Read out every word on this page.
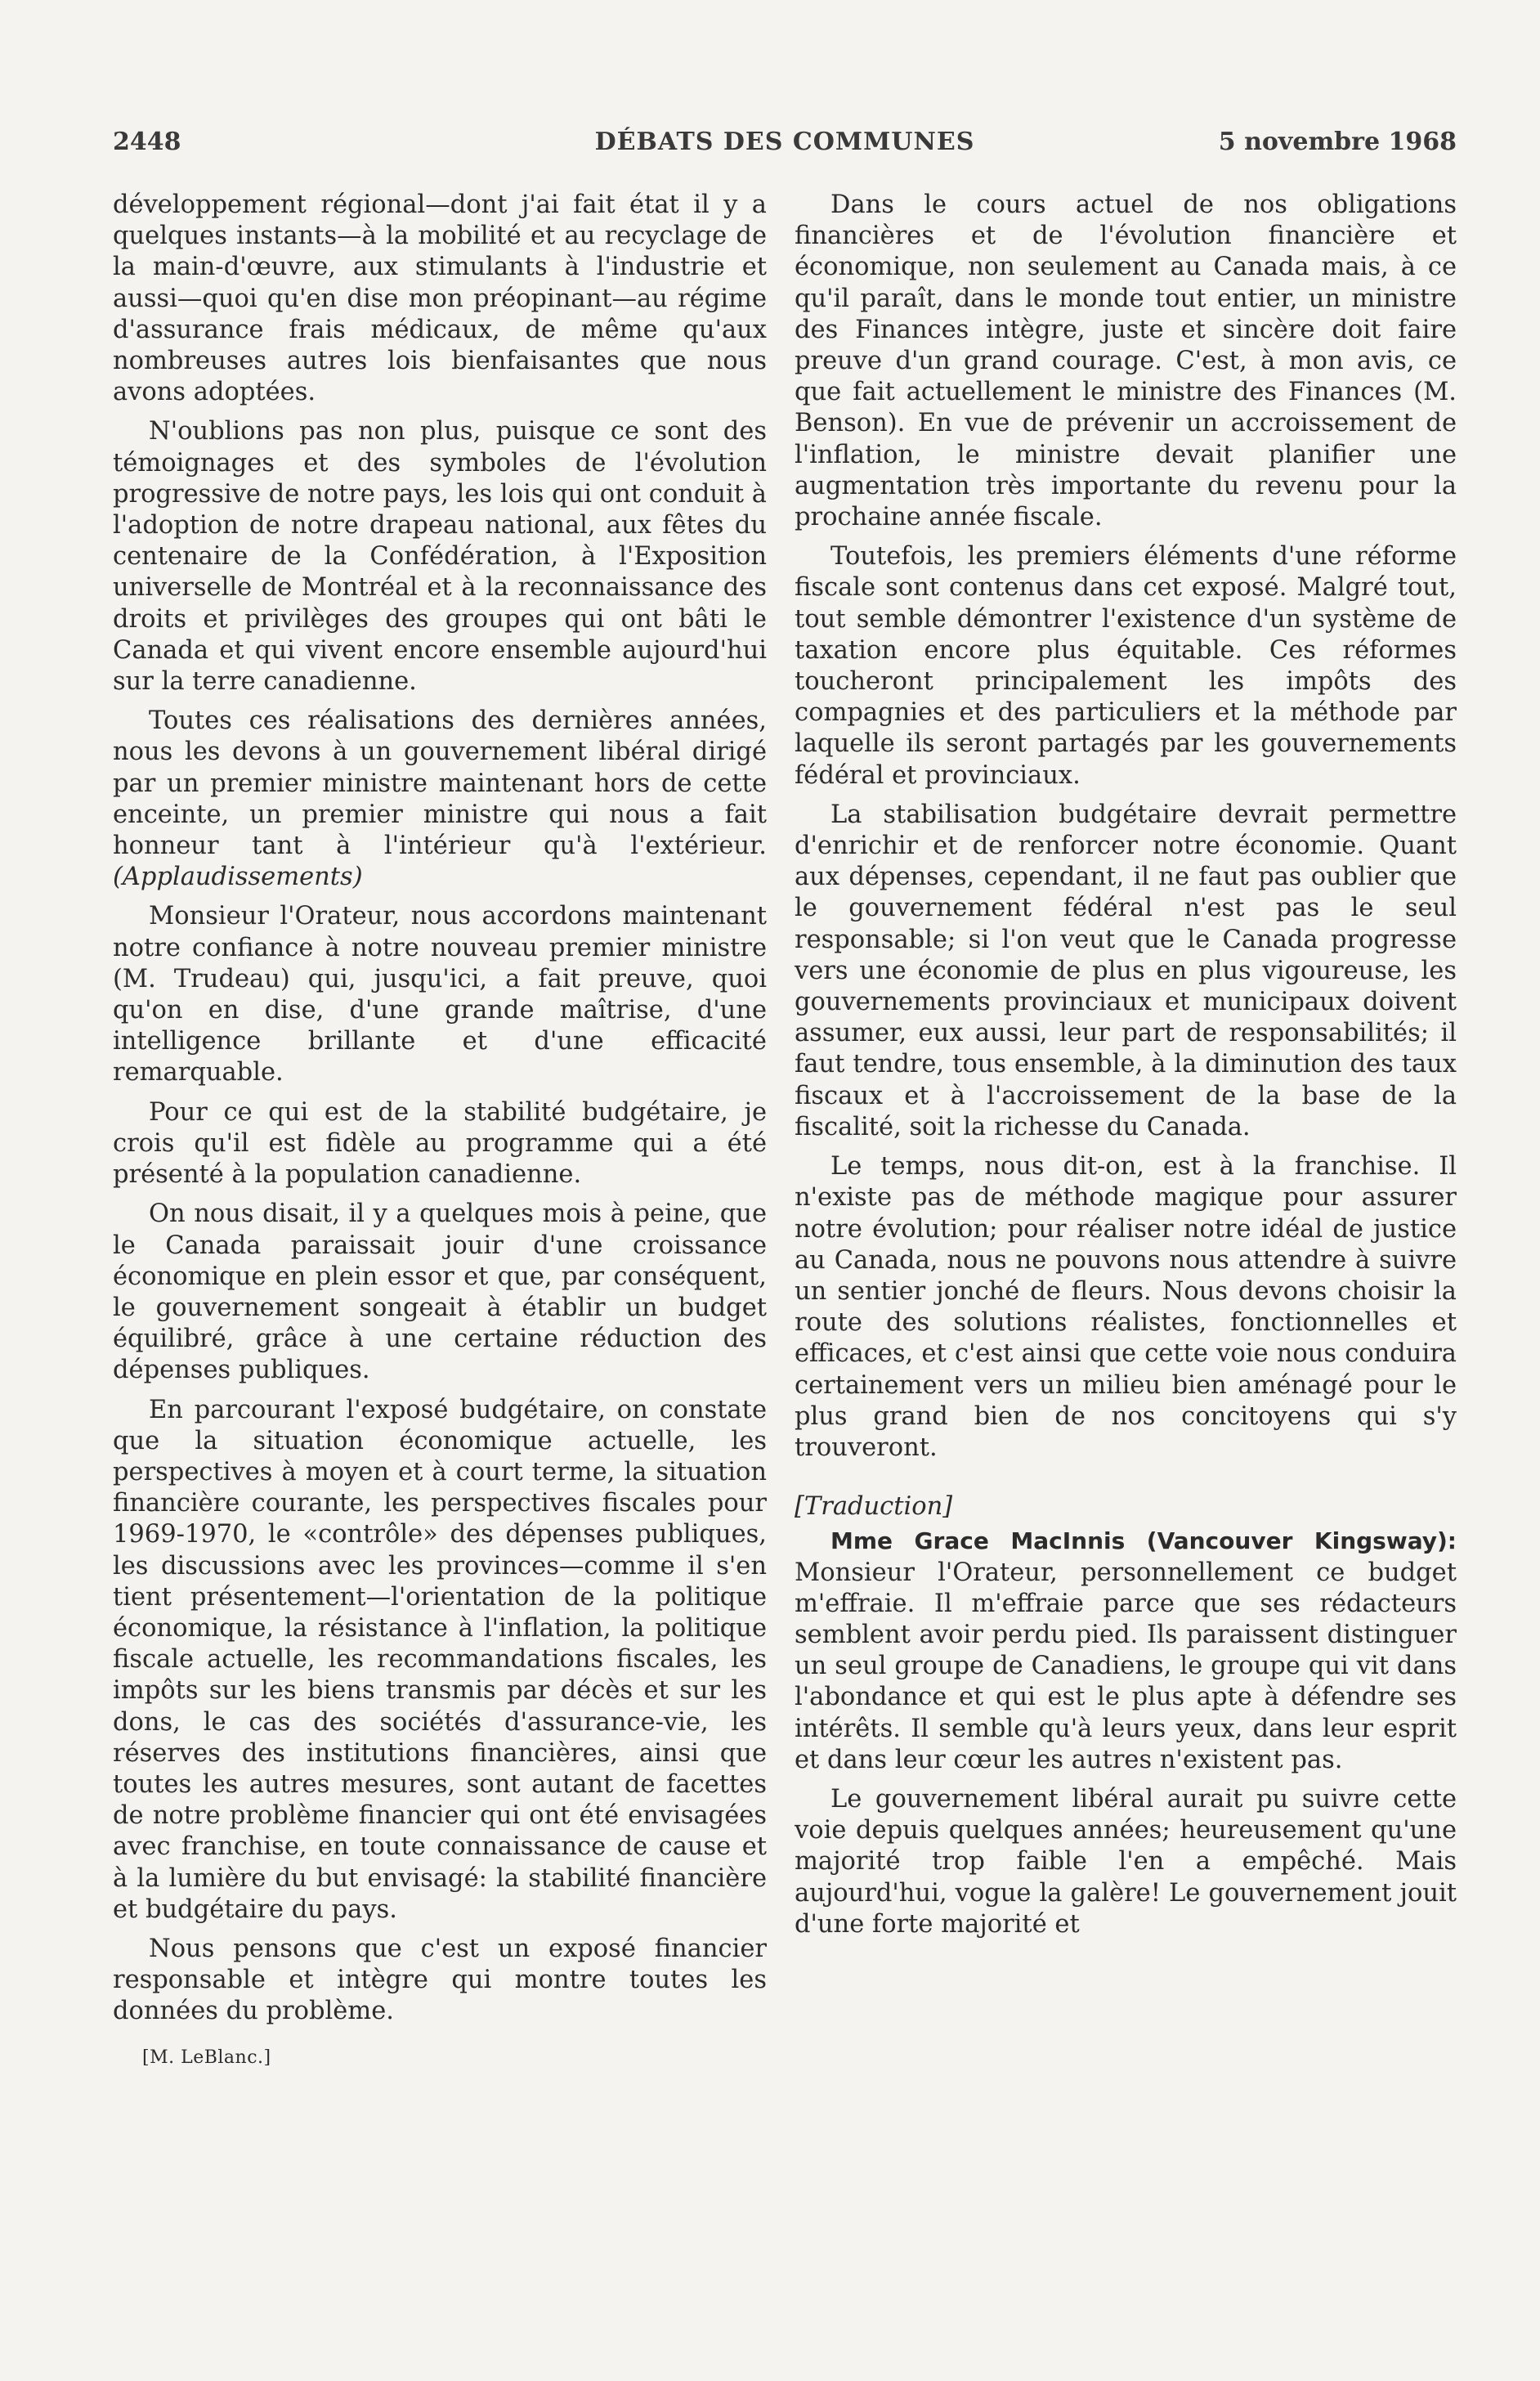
2448	DÉBATS DES COMMUNES	5 novembre 1968

développement régional—dont j'ai fait état il y a quelques instants—à la mobilité et au recyclage de la main-d'œuvre, aux stimulants à l'industrie et aussi—quoi qu'en dise mon préopinant—au régime d'assurance frais médicaux, de même qu'aux nombreuses autres lois bienfaisantes que nous avons adoptées.

N'oublions pas non plus, puisque ce sont des témoignages et des symboles de l'évolution progressive de notre pays, les lois qui ont conduit à l'adoption de notre drapeau national, aux fêtes du centenaire de la Confédération, à l'Exposition universelle de Montréal et à la reconnaissance des droits et privilèges des groupes qui ont bâti le Canada et qui vivent encore ensemble aujourd'hui sur la terre canadienne.

Toutes ces réalisations des dernières années, nous les devons à un gouvernement libéral dirigé par un premier ministre maintenant hors de cette enceinte, un premier ministre qui nous a fait honneur tant à l'intérieur qu'à l'extérieur. (Applaudissements)

Monsieur l'Orateur, nous accordons maintenant notre confiance à notre nouveau premier ministre (M. Trudeau) qui, jusqu'ici, a fait preuve, quoi qu'on en dise, d'une grande maîtrise, d'une intelligence brillante et d'une efficacité remarquable.

Pour ce qui est de la stabilité budgétaire, je crois qu'il est fidèle au programme qui a été présenté à la population canadienne.

On nous disait, il y a quelques mois à peine, que le Canada paraissait jouir d'une croissance économique en plein essor et que, par conséquent, le gouvernement songeait à établir un budget équilibré, grâce à une certaine réduction des dépenses publiques.

En parcourant l'exposé budgétaire, on constate que la situation économique actuelle, les perspectives à moyen et à court terme, la situation financière courante, les perspectives fiscales pour 1969-1970, le «contrôle» des dépenses publiques, les discussions avec les provinces—comme il s'en tient présentement—l'orientation de la politique économique, la résistance à l'inflation, la politique fiscale actuelle, les recommandations fiscales, les impôts sur les biens transmis par décès et sur les dons, le cas des sociétés d'assurance-vie, les réserves des institutions financières, ainsi que toutes les autres mesures, sont autant de facettes de notre problème financier qui ont été envisagées avec franchise, en toute connaissance de cause et à la lumière du but envisagé: la stabilité financière et budgétaire du pays.

Nous pensons que c'est un exposé financier responsable et intègre qui montre toutes les données du problème.

[M. LeBlanc.]

Dans le cours actuel de nos obligations financières et de l'évolution financière et économique, non seulement au Canada mais, à ce qu'il paraît, dans le monde tout entier, un ministre des Finances intègre, juste et sincère doit faire preuve d'un grand courage. C'est, à mon avis, ce que fait actuellement le ministre des Finances (M. Benson). En vue de prévenir un accroissement de l'inflation, le ministre devait planifier une augmentation très importante du revenu pour la prochaine année fiscale.

Toutefois, les premiers éléments d'une réforme fiscale sont contenus dans cet exposé. Malgré tout, tout semble démontrer l'existence d'un système de taxation encore plus équitable. Ces réformes toucheront principalement les impôts des compagnies et des particuliers et la méthode par laquelle ils seront partagés par les gouvernements fédéral et provinciaux.

La stabilisation budgétaire devrait permettre d'enrichir et de renforcer notre économie. Quant aux dépenses, cependant, il ne faut pas oublier que le gouvernement fédéral n'est pas le seul responsable; si l'on veut que le Canada progresse vers une économie de plus en plus vigoureuse, les gouvernements provinciaux et municipaux doivent assumer, eux aussi, leur part de responsabilités; il faut tendre, tous ensemble, à la diminution des taux fiscaux et à l'accroissement de la base de la fiscalité, soit la richesse du Canada.

Le temps, nous dit-on, est à la franchise. Il n'existe pas de méthode magique pour assurer notre évolution; pour réaliser notre idéal de justice au Canada, nous ne pouvons nous attendre à suivre un sentier jonché de fleurs. Nous devons choisir la route des solutions réalistes, fonctionnelles et efficaces, et c'est ainsi que cette voie nous conduira certainement vers un milieu bien aménagé pour le plus grand bien de nos concitoyens qui s'y trouveront.

[Traduction]

Mme Grace MacInnis (Vancouver Kingsway): Monsieur l'Orateur, personnellement ce budget m'effraie. Il m'effraie parce que ses rédacteurs semblent avoir perdu pied. Ils paraissent distinguer un seul groupe de Canadiens, le groupe qui vit dans l'abondance et qui est le plus apte à défendre ses intérêts. Il semble qu'à leurs yeux, dans leur esprit et dans leur cœur les autres n'existent pas.

Le gouvernement libéral aurait pu suivre cette voie depuis quelques années; heureusement qu'une majorité trop faible l'en a empêché. Mais aujourd'hui, vogue la galère! Le gouvernement jouit d'une forte majorité et
